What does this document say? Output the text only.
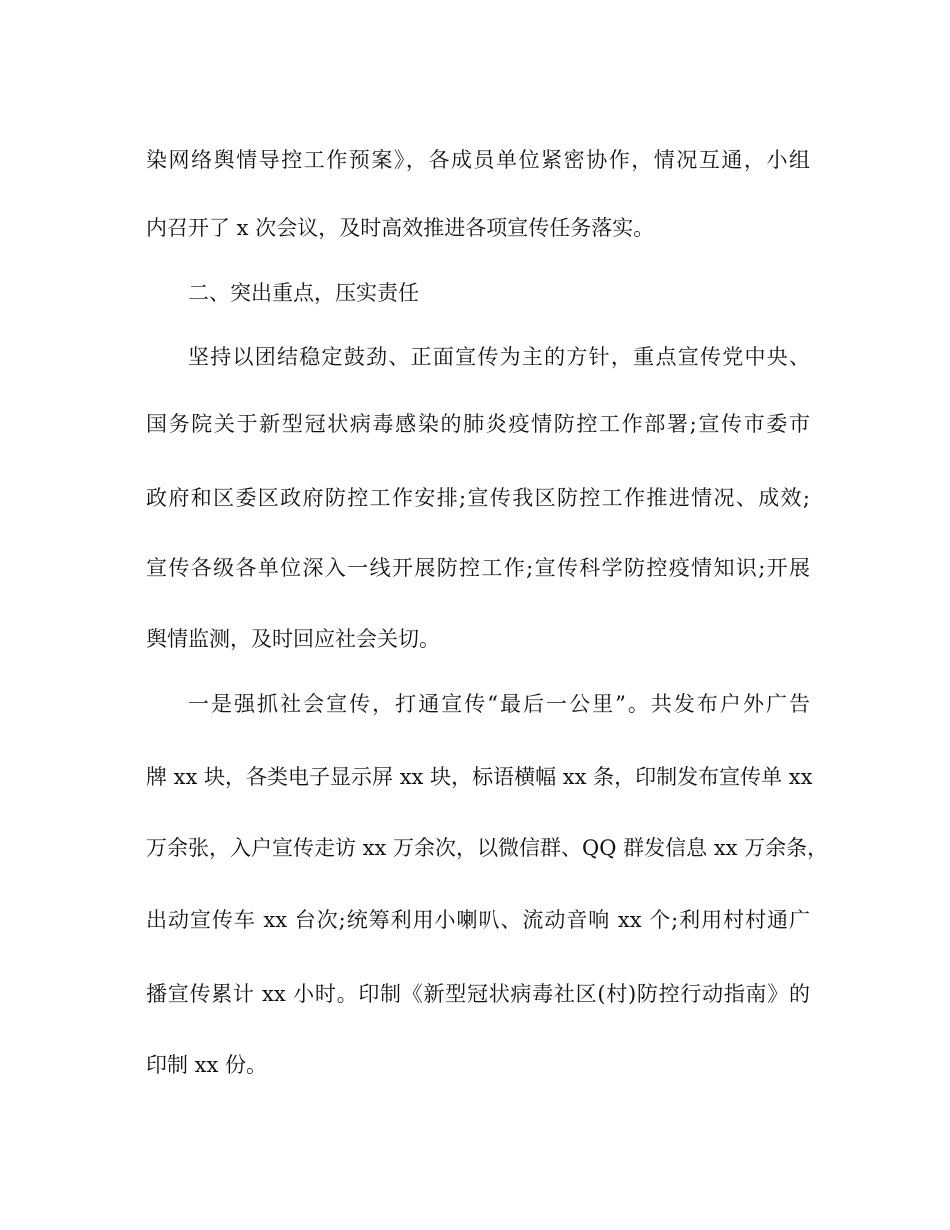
染网络舆情导控工作预案》，各成员单位紧密协作，情况互通，小组

内召开了 x 次会议，及时高效推进各项宣传任务落实。

二、突出重点，压实责任

坚持以团结稳定鼓劲、正面宣传为主的方针，重点宣传党中央、

国务院关于新型冠状病毒感染的肺炎疫情防控工作部署;宣传市委市

政府和区委区政府防控工作安排;宣传我区防控工作推进情况、成效;

宣传各级各单位深入一线开展防控工作;宣传科学防控疫情知识;开展

舆情监测，及时回应社会关切。

一是强抓社会宣传，打通宣传“最后一公里”。共发布户外广告

牌 xx 块，各类电子显示屏 xx 块，标语横幅 xx 条，印制发布宣传单 xx

万余张，入户宣传走访 xx 万余次，以微信群、QQ 群发信息 xx 万余条，

出动宣传车 xx 台次;统筹利用小喇叭、流动音响 xx 个;利用村村通广

播宣传累计 xx 小时。印制《新型冠状病毒社区(村)防控行动指南》的

印制 xx 份。
